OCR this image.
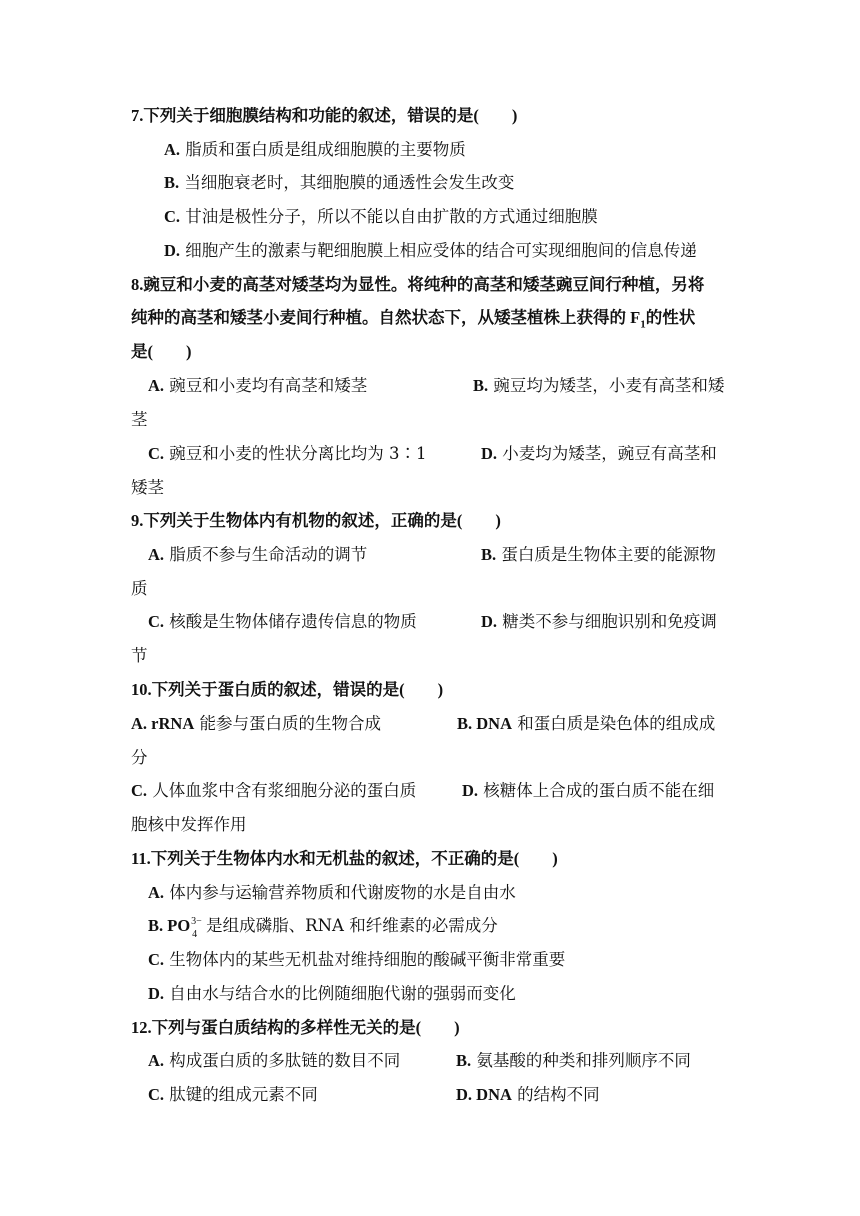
7.下列关于细胞膜结构和功能的叙述，错误的是(　　)
A. 脂质和蛋白质是组成细胞膜的主要物质
B. 当细胞衰老时，其细胞膜的通透性会发生改变
C. 甘油是极性分子，所以不能以自由扩散的方式通过细胞膜
D. 细胞产生的激素与靶细胞膜上相应受体的结合可实现细胞间的信息传递
8.豌豆和小麦的高茎对矮茎均为显性。将纯种的高茎和矮茎豌豆间行种植，另将
纯种的高茎和矮茎小麦间行种植。自然状态下，从矮茎植株上获得的 $F_1$的性状
是(　　)
A. 豌豆和小麦均有高茎和矮茎	B. 豌豆均为矮茎，小麦有高茎和矮
茎
C. 豌豆和小麦的性状分离比均为 3∶1	D. 小麦均为矮茎，豌豆有高茎和
矮茎
9.下列关于生物体内有机物的叙述，正确的是(　　)
A. 脂质不参与生命活动的调节	B. 蛋白质是生物体主要的能源物
质
C. 核酸是生物体储存遗传信息的物质	D. 糖类不参与细胞识别和免疫调
节
10.下列关于蛋白质的叙述，错误的是(　　)
A. rRNA 能参与蛋白质的生物合成	B. DNA 和蛋白质是染色体的组成成
分
C. 人体血浆中含有浆细胞分泌的蛋白质	D. 核糖体上合成的蛋白质不能在细
胞核中发挥作用
11.下列关于生物体内水和无机盐的叙述，不正确的是(　　)
A. 体内参与运输营养物质和代谢废物的水是自由水
B. PO 3−
4 是组成磷脂、RNA 和纤维素的必需成分
C. 生物体内的某些无机盐对维持细胞的酸碱平衡非常重要
D. 自由水与结合水的比例随细胞代谢的强弱而变化
12.下列与蛋白质结构的多样性无关的是(　　)
A. 构成蛋白质的多肽链的数目不同	B. 氨基酸的种类和排列顺序不同
C. 肽键的组成元素不同	D. DNA 的结构不同
